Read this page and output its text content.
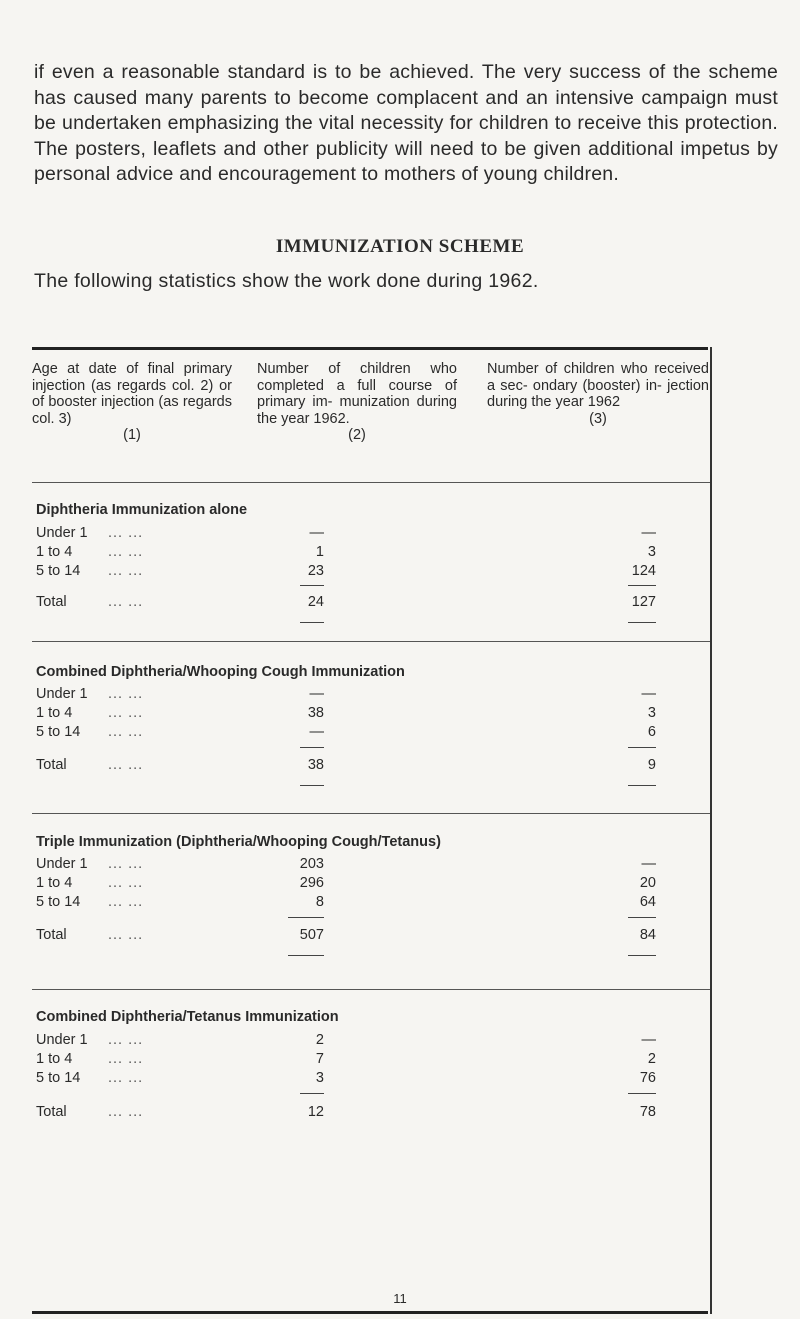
if even a reasonable standard is to be achieved. The very success of the scheme has caused many parents to become complacent and an intensive campaign must be undertaken emphasizing the vital necessity for children to receive this protection. The posters, leaflets and other publicity will need to be given additional impetus by personal advice and encouragement to mothers of young children.

IMMUNIZATION SCHEME

The following statistics show the work done during 1962.

Age at date of final primary injection (as regards col. 2) or of booster injection (as regards col. 3)
(1)
Number of children who completed a full course of primary im- munization during the year 1962.
(2)
Number of children who received a sec- ondary (booster) in- jection during the year 1962
(3)
Diphtheria Immunization alone
Under 1 ... ...	—	—
1 to 4 ... ...	1	3
5 to 14 ... ...	23	124
Total	... ...	24	127
Combined Diphtheria/Whooping Cough Immunization
Under 1 ... ...	—	—
1 to 4 ... ...	38	3
5 to 14 ... ...	—	6
Total	... ...	38	9
Triple Immunization (Diphtheria/Whooping Cough/Tetanus)
Under 1 ... ...	203	—
1 to 4 ... ...	296	20
5 to 14 ... ...	8	64
Total	... ...	507	84
Combined Diphtheria/Tetanus Immunization
Under 1 ... ...	2	—
1 to 4 ... ...	7	2
5 to 14 ... ...	3	76
Total	... ...	12	78
11
